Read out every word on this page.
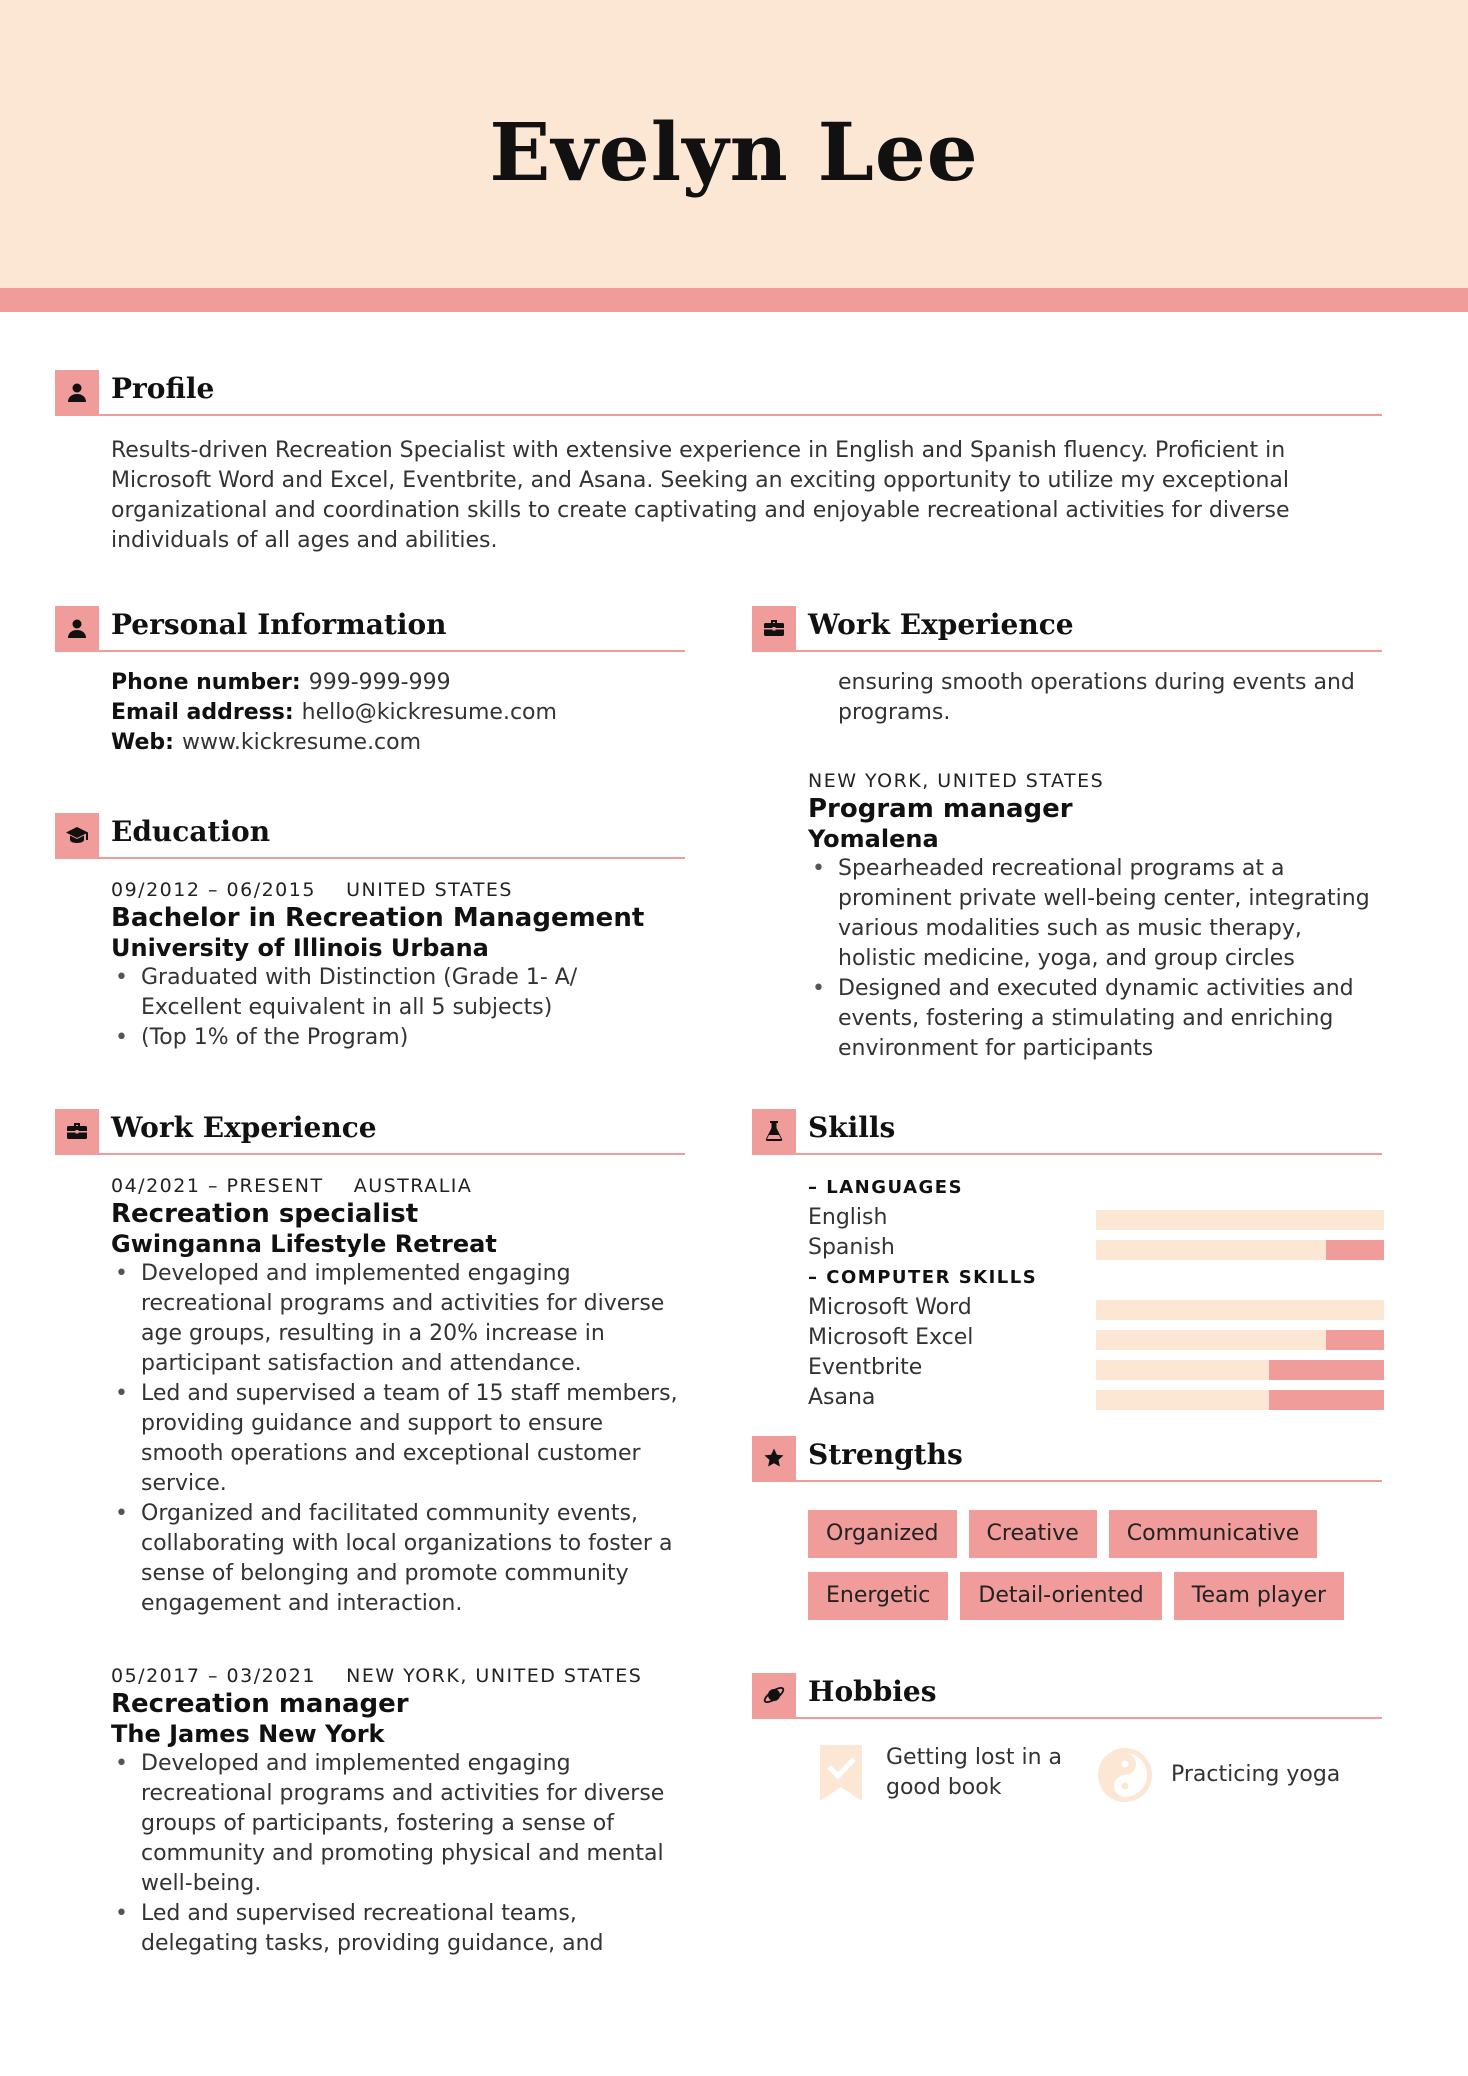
Evelyn Lee
Profile
Results-driven Recreation Specialist with extensive experience in English and Spanish fluency. Proficient in Microsoft Word and Excel, Eventbrite, and Asana. Seeking an exciting opportunity to utilize my exceptional organizational and coordination skills to create captivating and enjoyable recreational activities for diverse individuals of all ages and abilities.
Personal Information
Phone number: 999-999-999
Email address: hello@kickresume.com
Web: www.kickresume.com
Education
09/2012 – 06/2015    UNITED STATES
Bachelor in Recreation Management
University of Illinois Urbana
• Graduated with Distinction (Grade 1- A/ Excellent equivalent in all 5 subjects)
• (Top 1% of the Program)
Work Experience
04/2021 – PRESENT    AUSTRALIA
Recreation specialist
Gwinganna Lifestyle Retreat
• Developed and implemented engaging recreational programs and activities for diverse age groups, resulting in a 20% increase in participant satisfaction and attendance.
• Led and supervised a team of 15 staff members, providing guidance and support to ensure smooth operations and exceptional customer service.
• Organized and facilitated community events, collaborating with local organizations to foster a sense of belonging and promote community engagement and interaction.
05/2017 – 03/2021    NEW YORK, UNITED STATES
Recreation manager
The James New York
• Developed and implemented engaging recreational programs and activities for diverse groups of participants, fostering a sense of community and promoting physical and mental well-being.
• Led and supervised recreational teams, delegating tasks, providing guidance, and
Work Experience
ensuring smooth operations during events and programs.
NEW YORK, UNITED STATES
Program manager
Yomalena
• Spearheaded recreational programs at a prominent private well-being center, integrating various modalities such as music therapy, holistic medicine, yoga, and group circles
• Designed and executed dynamic activities and events, fostering a stimulating and enriching environment for participants
Skills
– LANGUAGES
English
Spanish
– COMPUTER SKILLS
Microsoft Word
Microsoft Excel
Eventbrite
Asana
Strengths
Organized	Creative	Communicative
Energetic	Detail-oriented	Team player
Hobbies
Getting lost in a good book
Practicing yoga
